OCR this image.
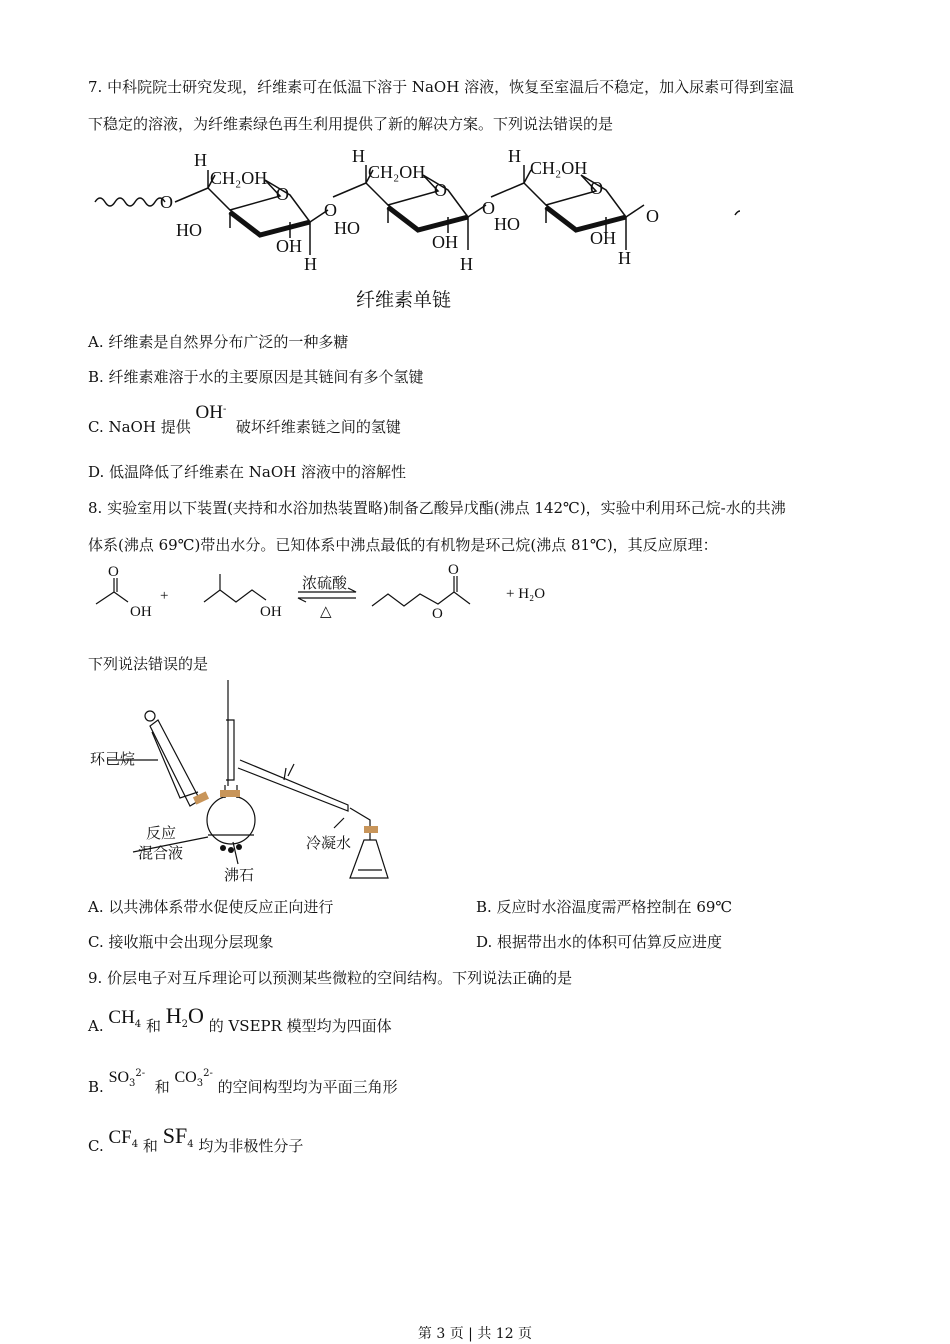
7. 中科院院士研究发现，纤维素可在低温下溶于 NaOH 溶液，恢复至室温后不稳定，加入尿素可得到室温
下稳定的溶液，为纤维素绿色再生利用提供了新的解决方案。下列说法错误的是
H
CH₂OH
O
O
HO
OH
H
O
H
CH₂OH
O
HO
OH
H
O
H
CH₂OH
O
HO
OH
H
O
纤维素单链
A. 纤维素是自然界分布广泛的一种多糖
B. 纤维素难溶于水的主要原因是其链间有多个氢键
C. NaOH 提供 OH-  破坏纤维素链之间的氢键
D. 低温降低了纤维素在 NaOH 溶液中的溶解性
8. 实验室用以下装置(夹持和水浴加热装置略)制备乙酸异戊酯(沸点 142℃)，实验中利用环己烷-水的共沸
体系(沸点 69℃)带出水分。已知体系中沸点最低的有机物是环己烷(沸点 81℃)，其反应原理：
O
OH
+
OH
浓硫酸
△
O
O
+ H₂O
下列说法错误的是
环己烷
反应
混合液
沸石
冷凝水
A. 以共沸体系带水促使反应正向进行	B. 反应时水浴温度需严格控制在 69℃
C. 接收瓶中会出现分层现象	D. 根据带出水的体积可估算反应进度
9. 价层电子对互斥理论可以预测某些微粒的空间结构。下列说法正确的是
A. $CH_4$ 和 $H_2O$ 的 VSEPR 模型均为四面体
B. $SO_3^{2-}$  和 $CO_3^{2-}$ 的空间构型均为平面三角形
C. $CF_4$ 和 $SF_4$ 均为非极性分子
第 3 页 | 共 12 页
